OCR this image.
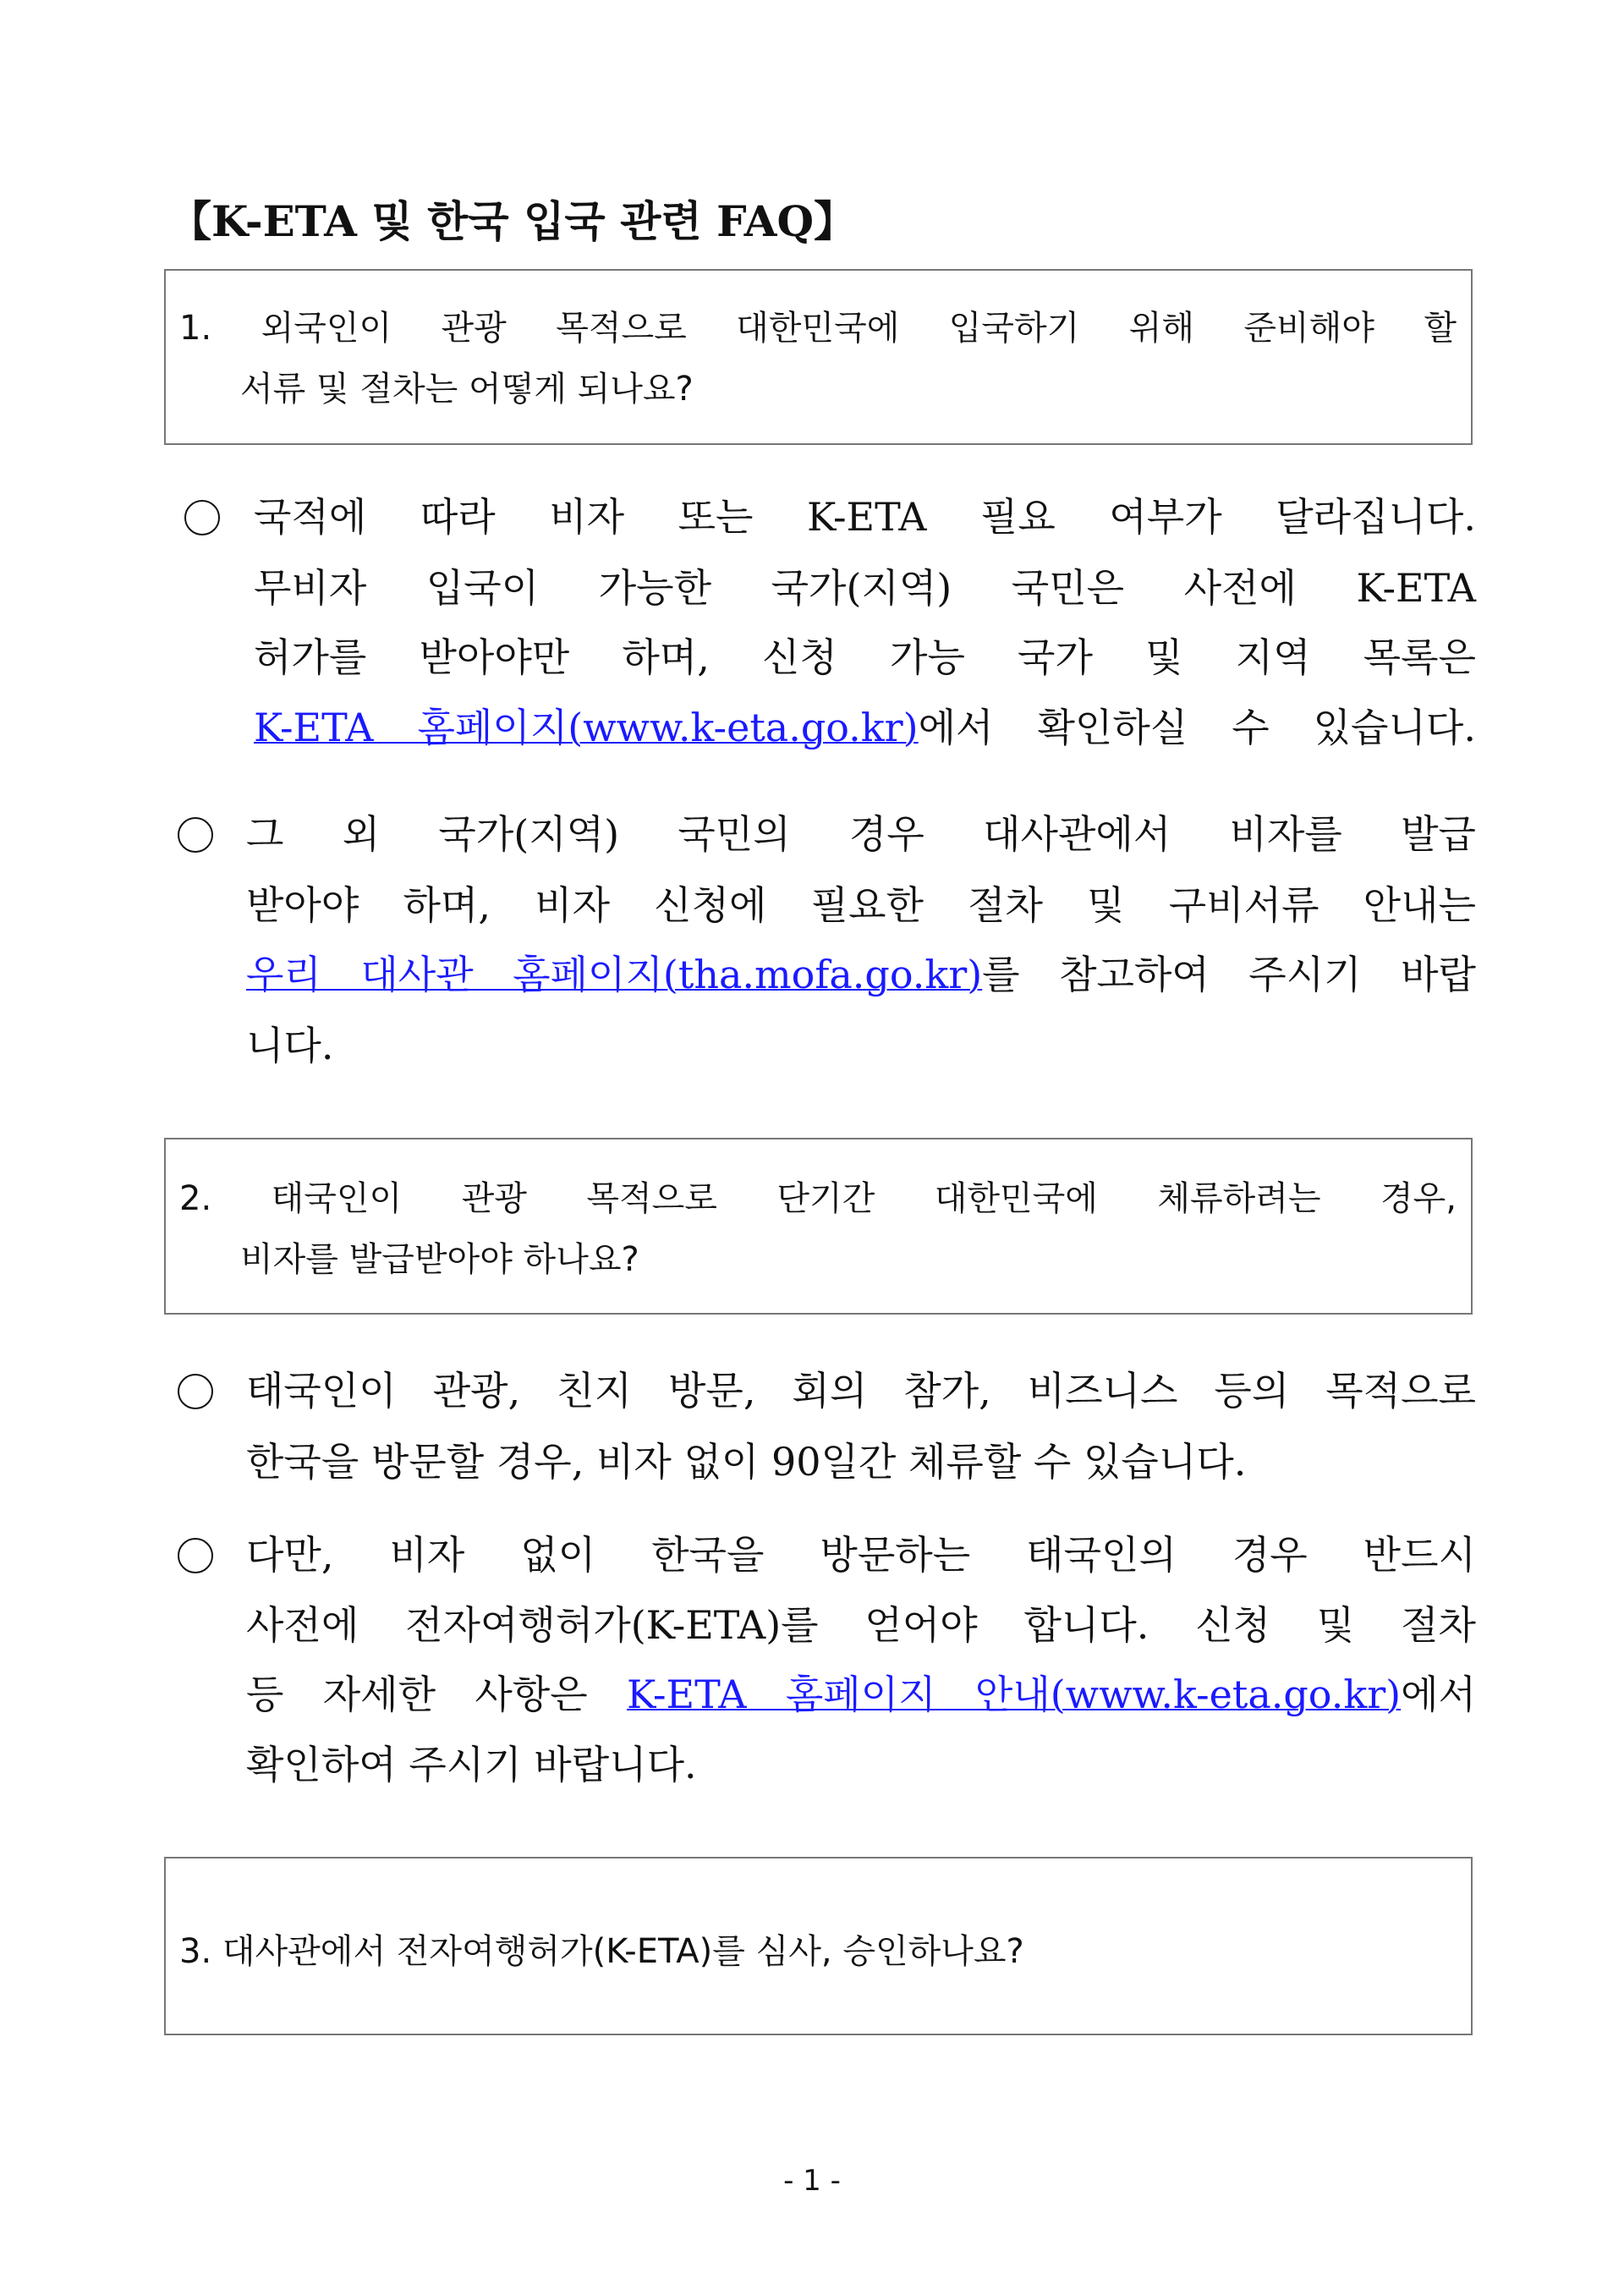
【K-ETA 및 한국 입국 관련 FAQ】
1. 외국인이 관광 목적으로 대한민국에 입국하기 위해 준비해야 할
서류 및 절차는 어떻게 되나요?
국적에 따라 비자 또는 K-ETA 필요 여부가 달라집니다.
무비자 입국이 가능한 국가(지역) 국민은 사전에 K-ETA
허가를 받아야만 하며, 신청 가능 국가 및 지역 목록은
K-ETA 홈페이지(www.k-eta.go.kr)에서 확인하실 수 있습니다.
그 외 국가(지역) 국민의 경우 대사관에서 비자를 발급
받아야 하며, 비자 신청에 필요한 절차 및 구비서류 안내는
우리 대사관 홈페이지(tha.mofa.go.kr)를 참고하여 주시기 바랍
니다.
2. 태국인이 관광 목적으로 단기간 대한민국에 체류하려는 경우,
비자를 발급받아야 하나요?
태국인이 관광, 친지 방문, 회의 참가, 비즈니스 등의 목적으로
한국을 방문할 경우, 비자 없이 90일간 체류할 수 있습니다.
다만, 비자 없이 한국을 방문하는 태국인의 경우 반드시
사전에 전자여행허가(K-ETA)를 얻어야 합니다. 신청 및 절차
등 자세한 사항은 K-ETA 홈페이지 안내(www.k-eta.go.kr)에서
확인하여 주시기 바랍니다.
3. 대사관에서 전자여행허가(K-ETA)를 심사, 승인하나요?
- 1 -
